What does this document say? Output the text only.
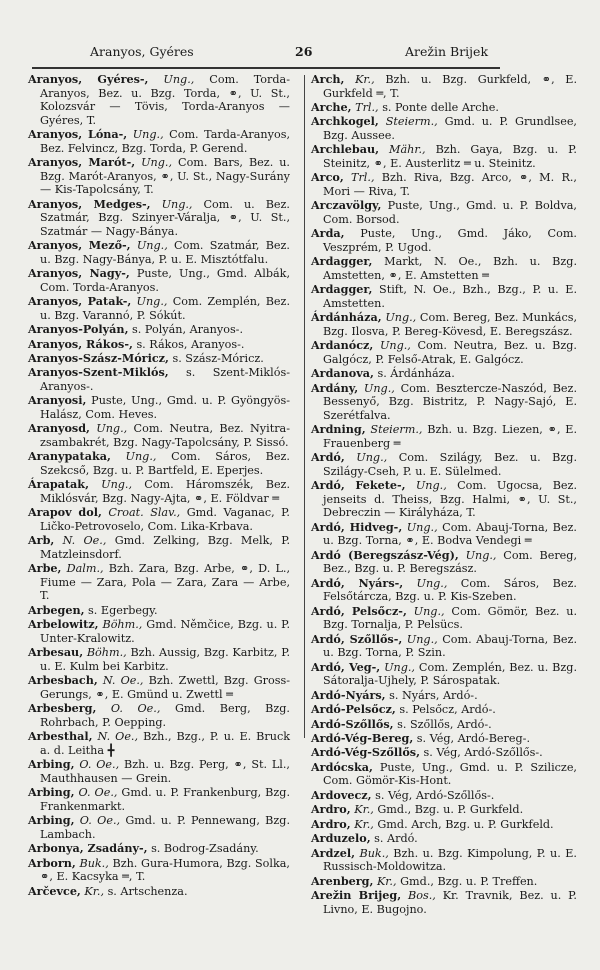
Aranyos, Gyéres	26	Arežin Brijek
Aranyos, Gyéres-, Ung., Com. Torda-Aranyos, Bez. u. Bzg. Torda, ⚭, U. St., Kolozsvár — Tövis, Torda-Aranyos — Gyéres, T.
Aranyos, Lóna-, Ung., Com. Tarda-Aranyos, Bez. Felvincz, Bzg. Torda, P. Gerend.
Aranyos, Marót-, Ung., Com. Bars, Bez. u. Bzg. Marót-Aranyos, ⚭, U. St., Nagy-Surány — Kis-Tapolcsány, T.
Aranyos, Medges-, Ung., Com. u. Bez. Szatmár, Bzg. Szinyer-Váralja, ⚭, U. St., Szatmár — Nagy-Bánya.
Aranyos, Mező-, Ung., Com. Szatmár, Bez. u. Bzg. Nagy-Bánya, P. u. E. Misztótfalu.
Aranyos, Nagy-, Puste, Ung., Gmd. Albák, Com. Torda-Aranyos.
Aranyos, Patak-, Ung., Com. Zemplén, Bez. u. Bzg. Varannó, P. Sókút.
Aranyos-Polyán, s. Polyán, Aranyos-.
Aranyos, Rákos-, s. Rákos, Aranyos-.
Aranyos-Szász-Móricz, s. Szász-Móricz.
Aranyos-Szent-Miklós, s. Szent-Miklós-Aranyos-.
Aranyosi, Puste, Ung., Gmd. u. P. Gyöngyös-Halász, Com. Heves.
Aranyosd, Ung., Com. Neutra, Bez. Nyitra-zsambakrét, Bzg. Nagy-Tapolcsány, P. Sissó.
Aranypataka, Ung., Com. Sáros, Bez. Szekcső, Bzg. u. P. Bartfeld, E. Eperjes.
Árapatak, Ung., Com. Háromszék, Bez. Miklósvár, Bzg. Nagy-Ajta, ⚭, E. Földvar ═
Arapov dol, Croat. Slav., Gmd. Vaganac, P. Ličko-Petrovoselo, Com. Lika-Krbava.
Arb, N. Oe., Gmd. Zelking, Bzg. Melk, P. Matzleinsdorf.
Arbe, Dalm., Bzh. Zara, Bzg. Arbe, ⚭, D. L., Fiume — Zara, Pola — Zara, Zara — Arbe, T.
Arbegen, s. Egerbegy.
Arbelowitz, Böhm., Gmd. Němčice, Bzg. u. P. Unter-Kralowitz.
Arbesau, Böhm., Bzh. Aussig, Bzg. Karbitz, P. u. E. Kulm bei Karbitz.
Arbesbach, N. Oe., Bzh. Zwettl, Bzg. Gross-Gerungs, ⚭, E. Gmünd u. Zwettl ═
Arbesberg, O. Oe., Gmd. Berg, Bzg. Rohrbach, P. Oepping.
Arbesthal, N. Oe., Bzh., Bzg., P. u. E. Bruck a. d. Leitha ╋
Arbing, O. Oe., Bzh. u. Bzg. Perg, ⚭, St. Ll., Mauthhausen — Grein.
Arbing, O. Oe., Gmd. u. P. Frankenburg, Bzg. Frankenmarkt.
Arbing, O. Oe., Gmd. u. P. Pennewang, Bzg. Lambach.
Arbonya, Zsadány-, s. Bodrog-Zsadány.
Arborn, Buk., Bzh. Gura-Humora, Bzg. Solka, ⚭, E. Kacsyka ═, T.
Arčevce, Kr., s. Artschenza.
Arch, Kr., Bzh. u. Bzg. Gurkfeld, ⚭, E. Gurkfeld ═, T.
Arche, Trl., s. Ponte delle Arche.
Archkogel, Steierm., Gmd. u. P. Grundlsee, Bzg. Aussee.
Archlebau, Mähr., Bzh. Gaya, Bzg. u. P. Steinitz, ⚭, E. Austerlitz ═ u. Steinitz.
Arco, Trl., Bzh. Riva, Bzg. Arco, ⚭, M. R., Mori — Riva, T.
Arczavölgy, Puste, Ung., Gmd. u. P. Boldva, Com. Borsod.
Arda, Puste, Ung., Gmd. Jáko, Com. Veszprém, P. Ugod.
Ardagger, Markt, N. Oe., Bzh. u. Bzg. Amstetten, ⚭, E. Amstetten ═
Ardagger, Stift, N. Oe., Bzh., Bzg., P. u. E. Amstetten.
Árdánháza, Ung., Com. Bereg, Bez. Munkács, Bzg. Ilosva, P. Bereg-Kövesd, E. Beregszász.
Ardanócz, Ung., Com. Neutra, Bez. u. Bzg. Galgócz, P. Felső-Atrak, E. Galgócz.
Ardanova, s. Árdánháza.
Ardány, Ung., Com. Besztercze-Naszód, Bez. Bessenyő, Bzg. Bistritz, P. Nagy-Sajó, E. Szerétfalva.
Ardning, Steierm., Bzh. u. Bzg. Liezen, ⚭, E. Frauenberg ═
Ardó, Ung., Com. Szilágy, Bez. u. Bzg. Szilágy-Cseh, P. u. E. Sülelmed.
Ardó, Fekete-, Ung., Com. Ugocsa, Bez. jenseits d. Theiss, Bzg. Halmi, ⚭, U. St., Debreczin — Királyháza, T.
Ardó, Hidveg-, Ung., Com. Abauj-Torna, Bez. u. Bzg. Torna, ⚭, E. Bodva Vendegi ═
Ardó (Beregszász-Vég), Ung., Com. Bereg, Bez., Bzg. u. P. Beregszász.
Ardó, Nyárs-, Ung., Com. Sáros, Bez. Felsőtárcza, Bzg. u. P. Kis-Szeben.
Ardó, Pelsőcz-, Ung., Com. Gömör, Bez. u. Bzg. Tornalja, P. Pelsücs.
Ardó, Szőllős-, Ung., Com. Abauj-Torna, Bez. u. Bzg. Torna, P. Szin.
Ardó, Veg-, Ung., Com. Zemplén, Bez. u. Bzg. Sátoralja-Ujhely, P. Sárospatak.
Ardó-Nyárs, s. Nyárs, Ardó-.
Ardó-Pelsőcz, s. Pelsőcz, Ardó-.
Ardó-Szőllős, s. Szőllős, Ardó-.
Ardó-Vég-Bereg, s. Vég, Ardó-Bereg-.
Ardó-Vég-Szőllős, s. Vég, Ardó-Szőllős-.
Ardócska, Puste, Ung., Gmd. u. P. Szilicze, Com. Gömör-Kis-Hont.
Ardovecz, s. Vég, Ardó-Szőllős-.
Ardro, Kr., Gmd., Bzg. u. P. Gurkfeld.
Ardro, Kr., Gmd. Arch, Bzg. u. P. Gurkfeld.
Arduzelo, s. Ardó.
Ardzel, Buk., Bzh. u. Bzg. Kimpolung, P. u. E. Russisch-Moldowitza.
Arenberg, Kr., Gmd., Bzg. u. P. Treffen.
Arežin Brijeg, Bos., Kr. Travnik, Bez. u. P. Livno, E. Bugojno.
